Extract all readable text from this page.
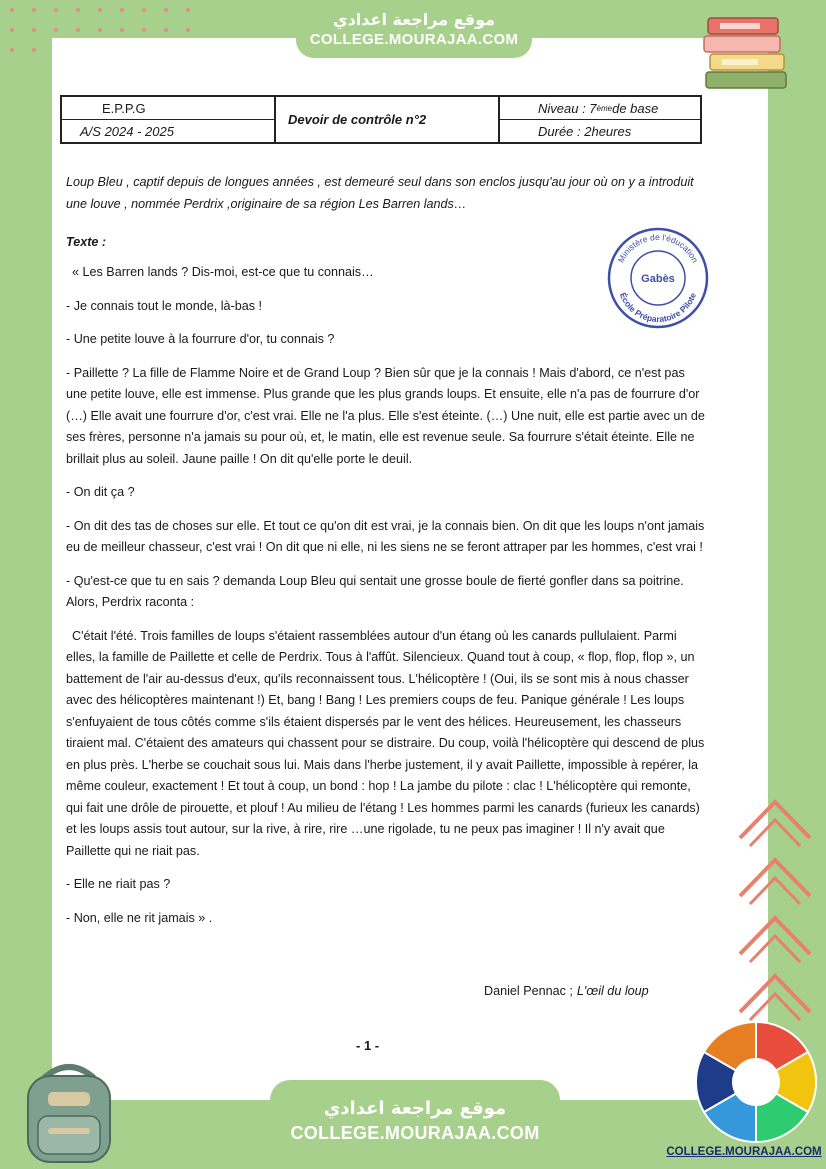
موقع مراجعة اعدادي
COLLEGE.MOURAJAA.COM
E.P.P.G
A/S 2024 - 2025
Devoir de contrôle n°2
Niveau : 7 ème de base
Durée : 2heures
Loup Bleu , captif depuis de longues années , est demeuré seul dans son enclos jusqu'au jour où on y a introduit une louve , nommée Perdrix ,originaire de sa région Les Barren lands…
Texte :
Ministère de l'éducation
Gabès
École Préparatoire Pilote

« Les Barren lands ? Dis-moi, est-ce que tu connais…

- Je connais tout le monde, là-bas !

- Une petite louve à la fourrure d'or, tu connais ?

- Paillette ? La fille de Flamme Noire et de Grand Loup ? Bien sûr que je la connais ! Mais d'abord, ce n'est pas une petite louve, elle est immense. Plus grande que les plus grands loups. Et ensuite, elle n'a pas de fourrure d'or (…) Elle avait une fourrure d'or, c'est vrai. Elle ne l'a plus. Elle s'est éteinte. (…) Une nuit, elle est partie avec un de ses frères, personne n'a jamais su pour où, et, le matin, elle est revenue seule. Sa fourrure s'était éteinte. Elle ne brillait plus au soleil. Jaune paille ! On dit qu'elle porte le deuil.

- On dit ça ?

- On dit des tas de choses sur elle. Et tout ce qu'on dit est vrai, je la connais bien. On dit que les loups n'ont jamais eu de meilleur chasseur, c'est vrai ! On dit que ni elle, ni les siens ne se feront attraper par les hommes, c'est vrai !

- Qu'est-ce que tu en sais ? demanda Loup Bleu qui sentait une grosse boule de fierté gonfler dans sa poitrine. Alors, Perdrix raconta :

C'était l'été. Trois familles de loups s'étaient rassemblées autour d'un étang où les canards pullulaient. Parmi elles, la famille de Paillette et celle de Perdrix. Tous à l'affût. Silencieux. Quand tout à coup, « flop, flop, flop », un battement de l'air au-dessus d'eux, qu'ils reconnaissent tous. L'hélicoptère ! (Oui, ils se sont mis à nous chasser avec des hélicoptères maintenant !) Et, bang ! Bang ! Les premiers coups de feu. Panique générale ! Les loups s'enfuyaient de tous côtés comme s'ils étaient dispersés par le vent des hélices. Heureusement, les chasseurs tiraient mal. C'étaient des amateurs qui chassent pour se distraire. Du coup, voilà l'hélicoptère qui descend de plus en plus près. L'herbe se couchait sous lui. Mais dans l'herbe justement, il y avait Paillette, impossible à repérer, la même couleur, exactement ! Et tout à coup, un bond : hop ! La jambe du pilote : clac ! L'hélicoptère qui remonte, qui fait une drôle de pirouette, et plouf ! Au milieu de l'étang ! Les hommes parmi les canards (furieux les canards) et les loups assis tout autour, sur la rive, à rire, rire …une rigolade, tu ne peux pas imaginer ! Il n'y avait que Paillette qui ne riait pas.

- Elle ne riait pas ?

- Non, elle ne rit jamais » .

Daniel Pennac ; L'œil du loup
- 1 -
موقع مراجعة اعدادي
COLLEGE.MOURAJAA.COM
COLLEGE.MOURAJAA.COM
